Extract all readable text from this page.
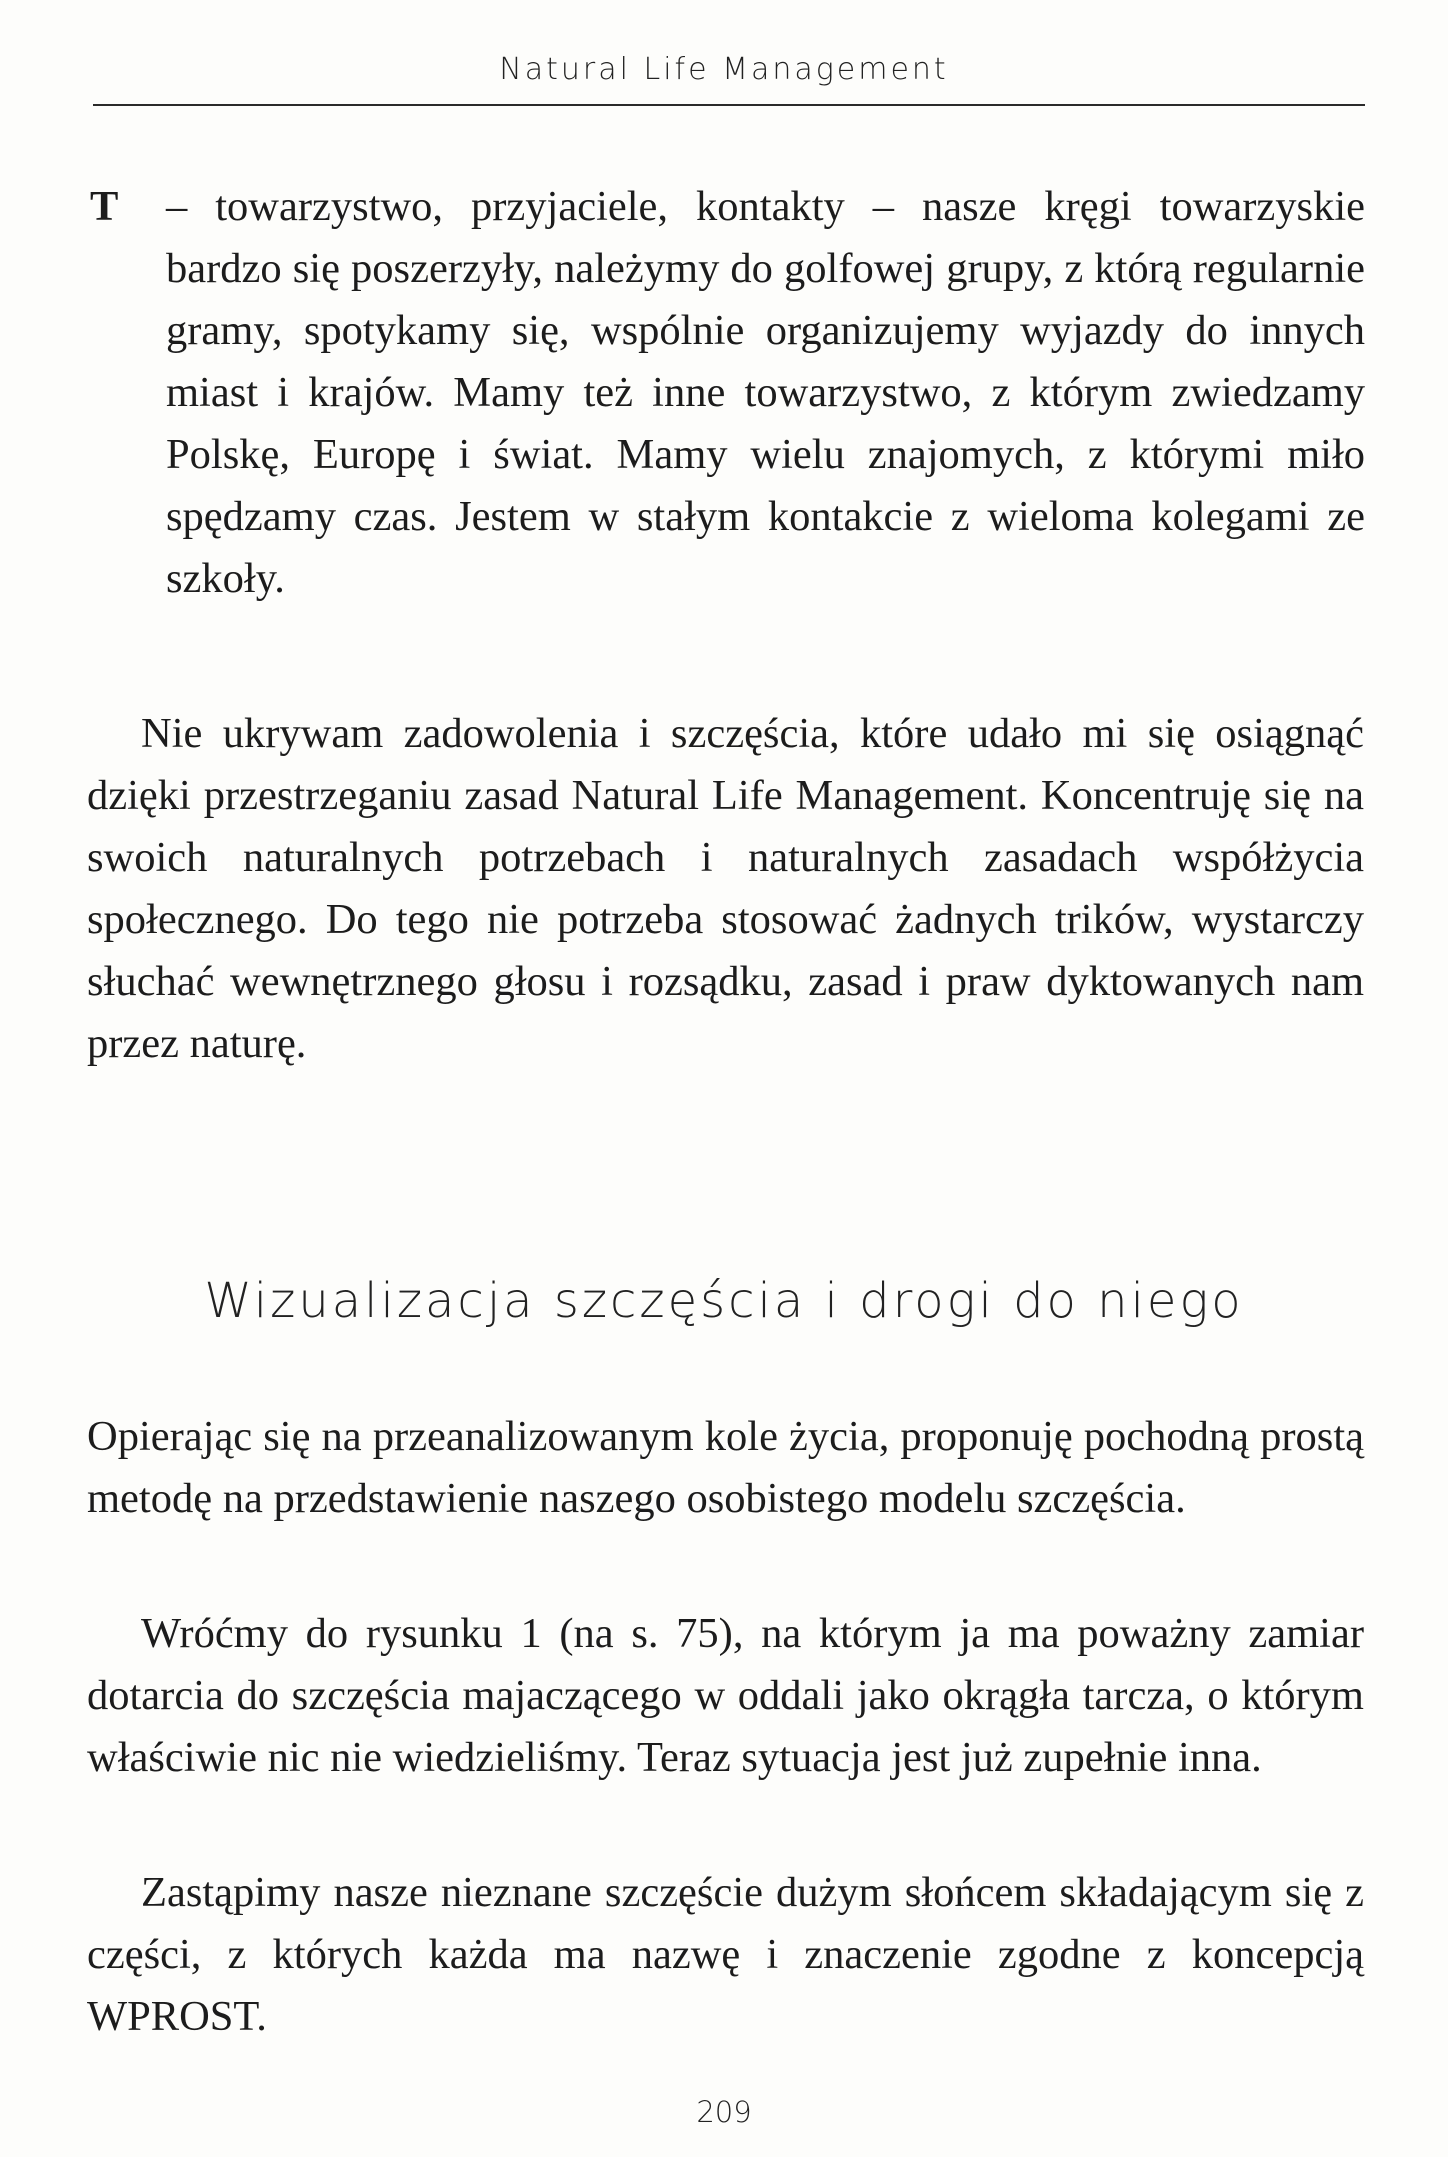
Natural Life Management

T – towarzystwo, przyjaciele, kontakty – nasze kręgi towarzyskie bardzo się poszerzyły, należymy do golfowej grupy, z którą regularnie gramy, spotykamy się, wspólnie organizujemy wyjazdy do innych miast i krajów. Mamy też inne towarzystwo, z którym zwiedzamy Polskę, Europę i świat. Mamy wielu znajomych, z którymi miło spędzamy czas. Jestem w stałym kontakcie z wieloma kolegami ze szkoły.

Nie ukrywam zadowolenia i szczęścia, które udało mi się osiągnąć dzięki przestrzeganiu zasad Natural Life Management. Koncentruję się na swoich naturalnych potrzebach i naturalnych zasadach współżycia społecznego. Do tego nie potrzeba stosować żadnych trików, wystarczy słuchać wewnętrznego głosu i rozsądku, zasad i praw dyktowanych nam przez naturę.

Wizualizacja szczęścia i drogi do niego

Opierając się na przeanalizowanym kole życia, proponuję pochodną prostą metodę na przedstawienie naszego osobistego modelu szczęścia.

Wróćmy do rysunku 1 (na s. 75), na którym ja ma poważny zamiar dotarcia do szczęścia majaczącego w oddali jako okrągła tarcza, o którym właściwie nic nie wiedzieliśmy. Teraz sytuacja jest już zupełnie inna.

Zastąpimy nasze nieznane szczęście dużym słońcem składającym się z części, z których każda ma nazwę i znaczenie zgodne z koncepcją WPROST.

209
